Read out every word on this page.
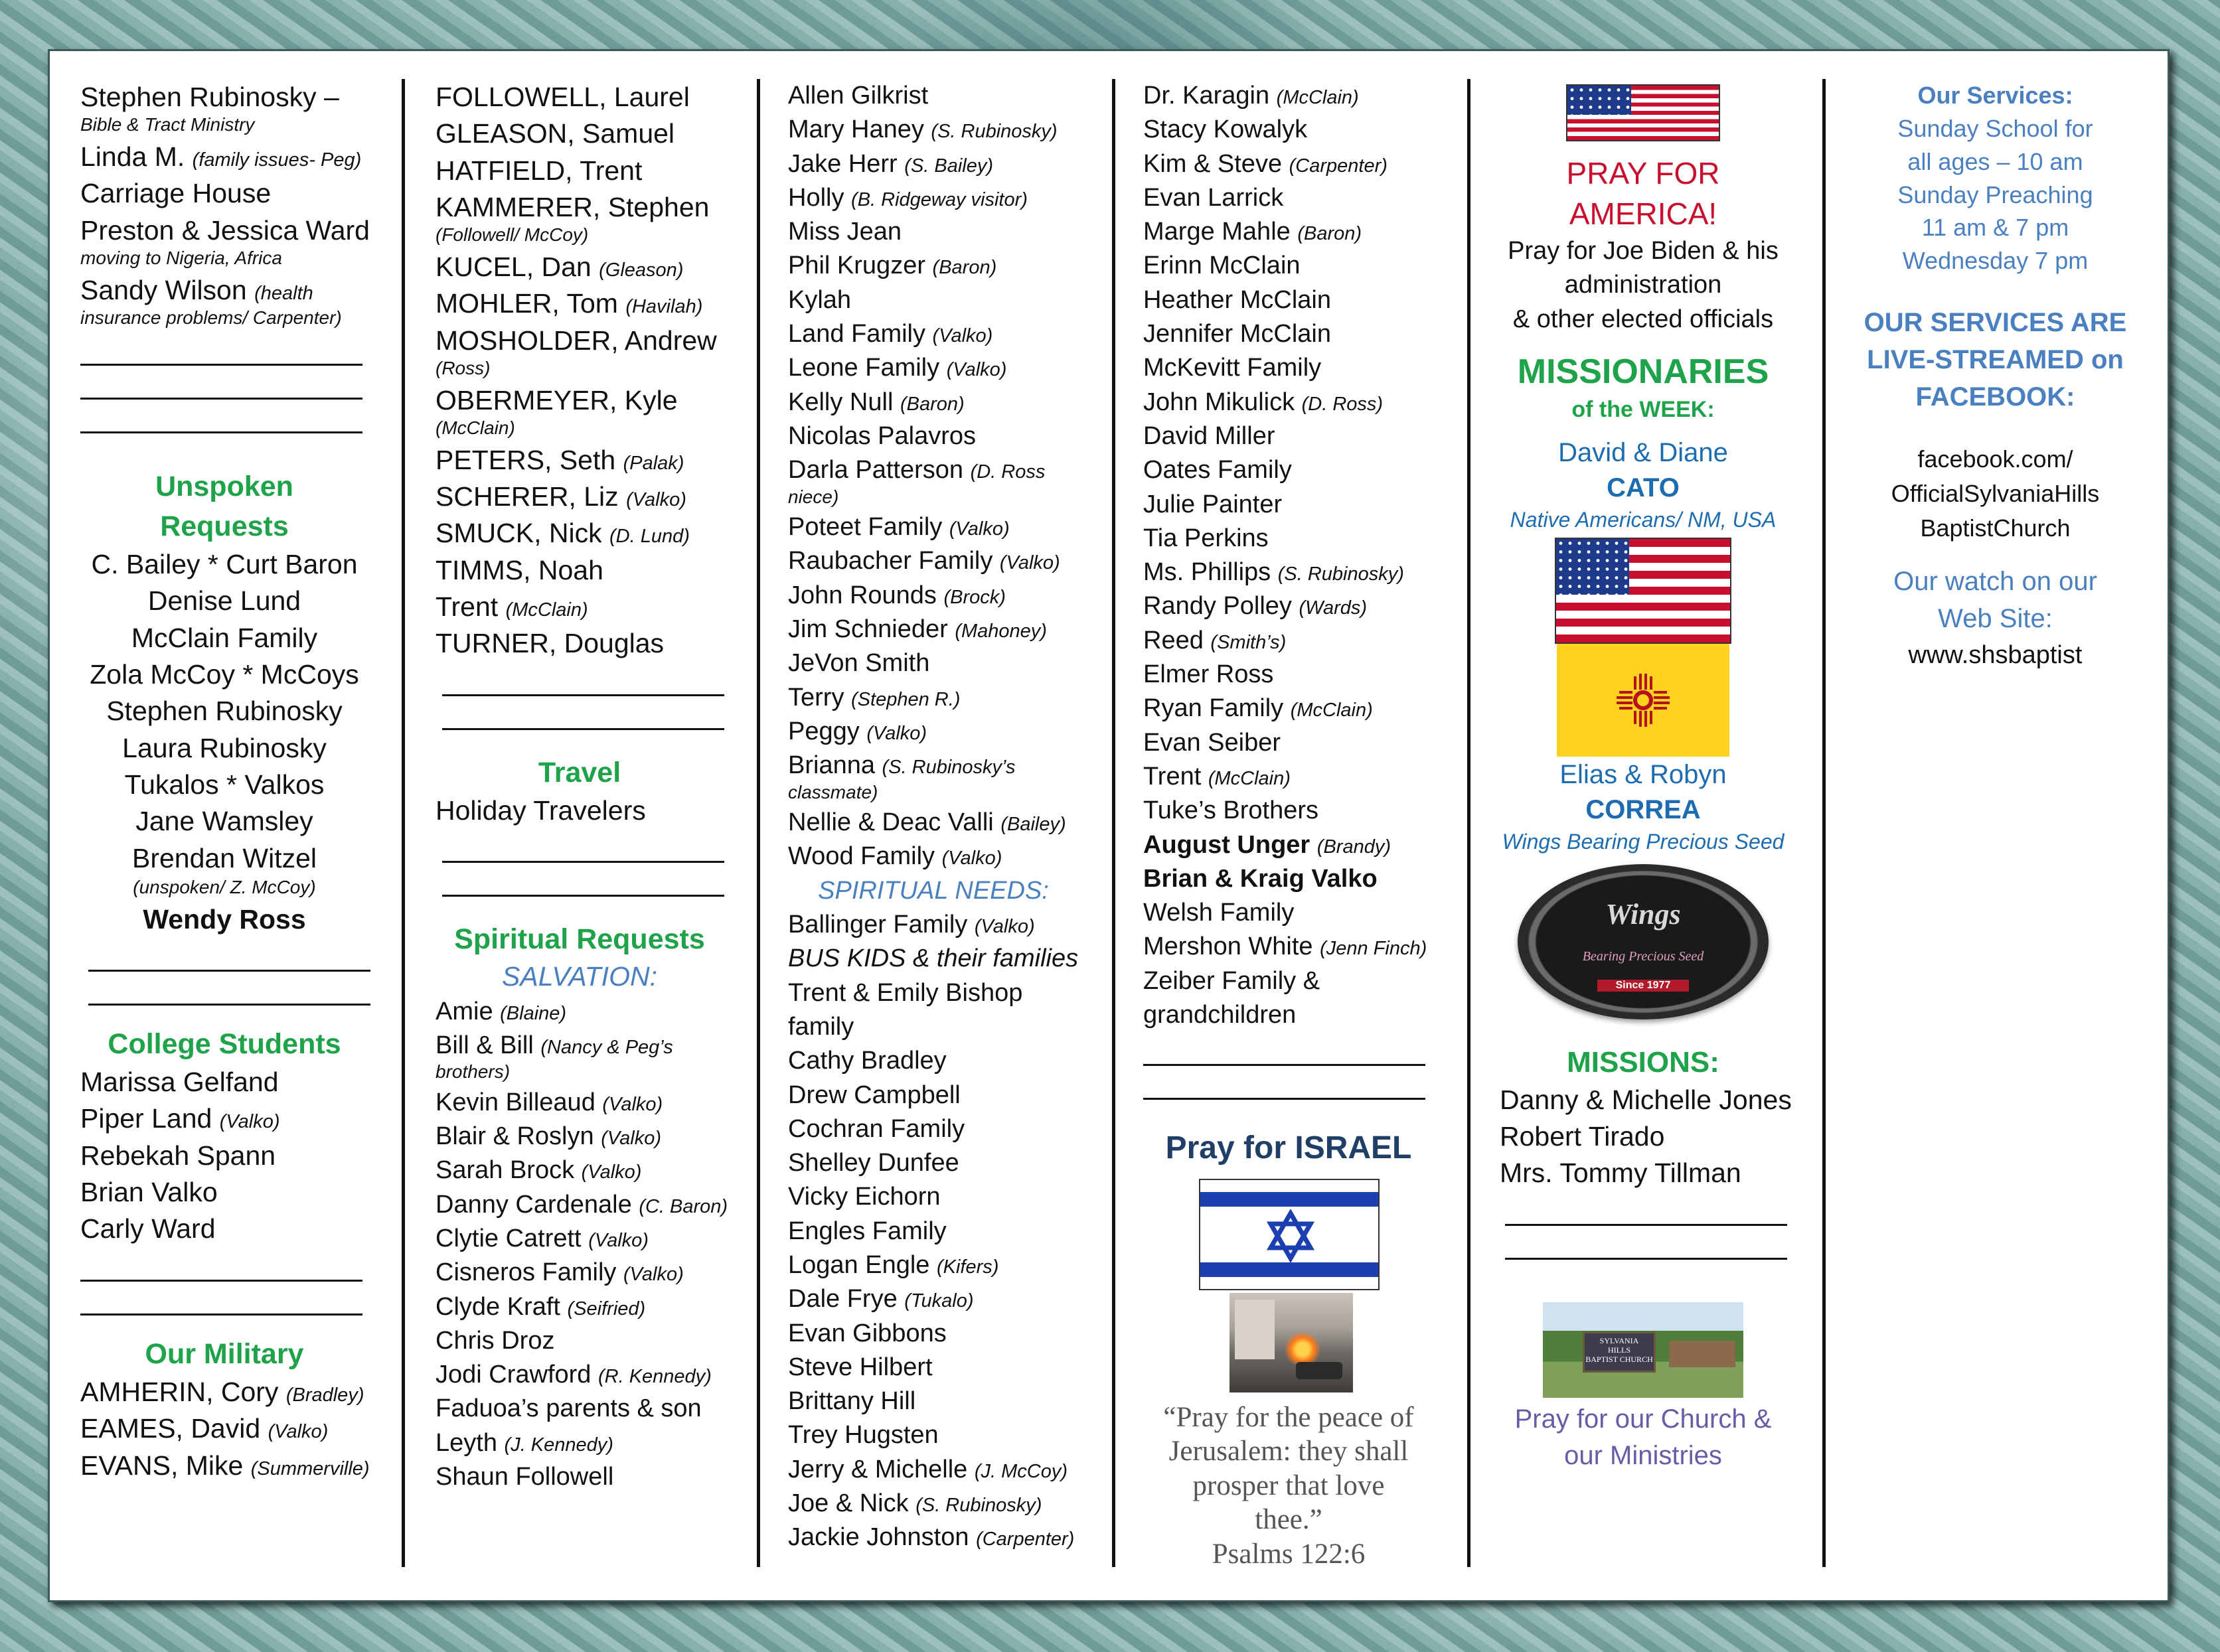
Stephen Rubinosky –
Bible & Tract Ministry
Linda M. (family issues- Peg)
Carriage House
Preston & Jessica Ward
moving to Nigeria, Africa
Sandy Wilson (health
insurance problems/ Carpenter)
Unspoken
Requests
C. Bailey * Curt Baron
Denise Lund
McClain Family
Zola McCoy * McCoys
Stephen Rubinosky
Laura Rubinosky
Tukalos * Valkos
Jane Wamsley
Brendan Witzel
(unspoken/ Z. McCoy)
Wendy Ross
College Students
Marissa Gelfand
Piper Land (Valko)
Rebekah Spann
Brian Valko
Carly Ward
Our Military
AMHERIN, Cory (Bradley)
EAMES, David (Valko)
EVANS, Mike (Summerville)
FOLLOWELL, Laurel
GLEASON, Samuel
HATFIELD, Trent
KAMMERER, Stephen
(Followell/ McCoy)
KUCEL, Dan (Gleason)
MOHLER, Tom (Havilah)
MOSHOLDER, Andrew
(Ross)
OBERMEYER, Kyle
(McClain)
PETERS, Seth (Palak)
SCHERER, Liz (Valko)
SMUCK, Nick (D. Lund)
TIMMS, Noah
Trent (McClain)
TURNER, Douglas
Travel
Holiday Travelers
Spiritual Requests
SALVATION:
Amie (Blaine)
Bill & Bill (Nancy & Peg’s
brothers)
Kevin Billeaud (Valko)
Blair & Roslyn (Valko)
Sarah Brock (Valko)
Danny Cardenale (C. Baron)
Clytie Catrett (Valko)
Cisneros Family (Valko)
Clyde Kraft (Seifried)
Chris Droz
Jodi Crawford (R. Kennedy)
Faduoa’s parents & son
Leyth (J. Kennedy)
Shaun Followell
Allen Gilkrist
Mary Haney (S. Rubinosky)
Jake Herr (S. Bailey)
Holly (B. Ridgeway visitor)
Miss Jean
Phil Krugzer (Baron)
Kylah
Land Family (Valko)
Leone Family (Valko)
Kelly Null (Baron)
Nicolas Palavros
Darla Patterson (D. Ross
niece)
Poteet Family (Valko)
Raubacher Family (Valko)
John Rounds (Brock)
Jim Schnieder (Mahoney)
JeVon Smith
Terry (Stephen R.)
Peggy (Valko)
Brianna (S. Rubinosky’s
classmate)
Nellie & Deac Valli (Bailey)
Wood Family (Valko)
SPIRITUAL NEEDS:
Ballinger Family (Valko)
BUS KIDS & their families
Trent & Emily Bishop
family
Cathy Bradley
Drew Campbell
Cochran Family
Shelley Dunfee
Vicky Eichorn
Engles Family
Logan Engle (Kifers)
Dale Frye (Tukalo)
Evan Gibbons
Steve Hilbert
Brittany Hill
Trey Hugsten
Jerry & Michelle (J. McCoy)
Joe & Nick (S. Rubinosky)
Jackie Johnston (Carpenter)
Dr. Karagin (McClain)
Stacy Kowalyk
Kim & Steve (Carpenter)
Evan Larrick
Marge Mahle (Baron)
Erinn McClain
Heather McClain
Jennifer McClain
McKevitt Family
John Mikulick (D. Ross)
David Miller
Oates Family
Julie Painter
Tia Perkins
Ms. Phillips (S. Rubinosky)
Randy Polley (Wards)
Reed (Smith’s)
Elmer Ross
Ryan Family (McClain)
Evan Seiber
Trent (McClain)
Tuke’s Brothers
August Unger (Brandy)
Brian & Kraig Valko
Welsh Family
Mershon White (Jenn Finch)
Zeiber Family &
grandchildren
Pray for ISRAEL
“Pray for the peace of
Jerusalem: they shall
prosper that love
thee.”
Psalms 122:6
PRAY FOR
AMERICA!
Pray for Joe Biden & his
administration
& other elected officials
MISSIONARIES
of the WEEK:
David & Diane
CATO
Native Americans/ NM, USA
Elias & Robyn
CORREA
Wings Bearing Precious Seed
Wings
Bearing Precious Seed
Since 1977
MISSIONS:
Danny & Michelle Jones
Robert Tirado
Mrs. Tommy Tillman
SYLVANIA
HILLS
BAPTIST CHURCH
Pray for our Church &
our Ministries
Our Services:
Sunday School for
all ages – 10 am
Sunday Preaching
11 am & 7 pm
Wednesday 7 pm
OUR SERVICES ARE
LIVE-STREAMED on
FACEBOOK:
facebook.com/
OfficialSylvaniaHills
BaptistChurch
Our watch on our
Web Site:
www.shsbaptist
